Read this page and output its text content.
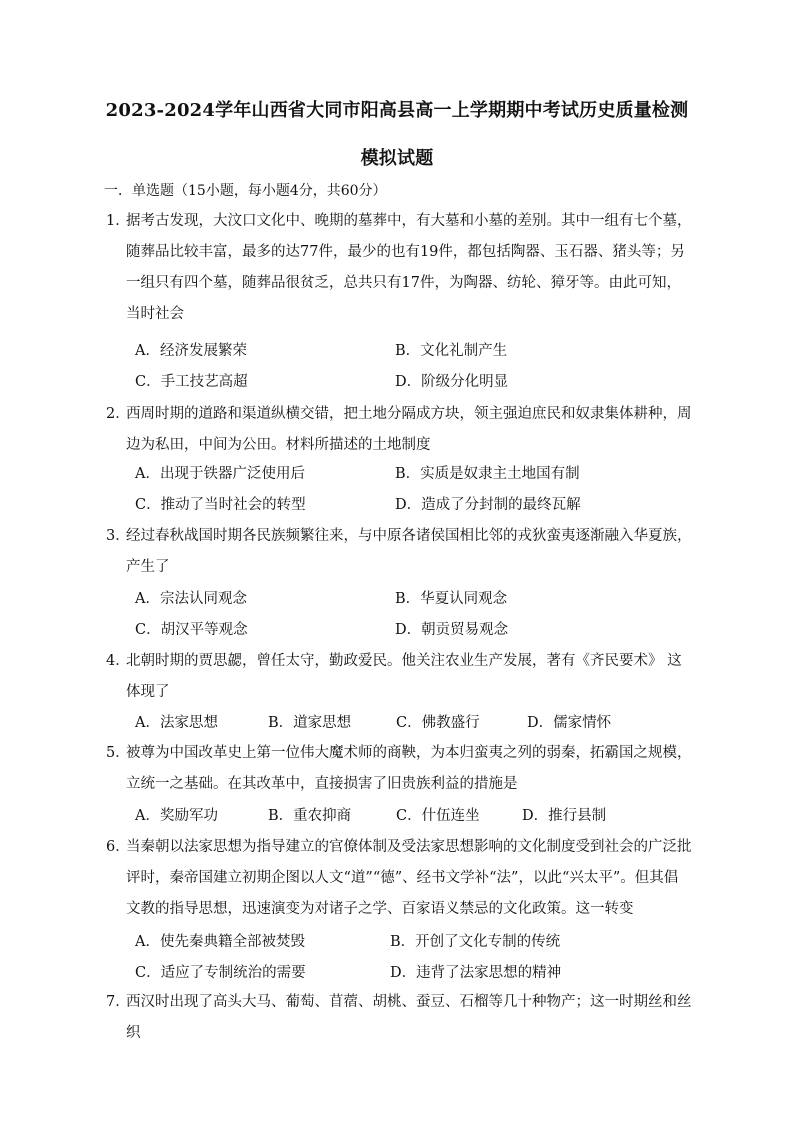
2023-2024学年山西省大同市阳高县高一上学期期中考试历史质量检测
模拟试题
一．单选题（15小题，每小题4分，共60分）
1．
据考古发现，大汶口文化中、晚期的墓葬中，有大墓和小墓的差别。其中一组有七个墓，随葬品比较丰富，最多的达77件，最少的也有19件，都包括陶器、玉石器、猪头等；另一组只有四个墓，随葬品很贫乏，总共只有17件，为陶器、纺轮、獐牙等。由此可知，当时社会
A．经济发展繁荣	B．文化礼制产生
C．手工技艺高超	D．阶级分化明显
2．
西周时期的道路和渠道纵横交错，把土地分隔成方块，领主强迫庶民和奴隶集体耕种，周边为私田，中间为公田。材料所描述的土地制度
A．出现于铁器广泛使用后	B．实质是奴隶主土地国有制
C．推动了当时社会的转型	D．造成了分封制的最终瓦解
3．
经过春秋战国时期各民族频繁往来，与中原各诸侯国相比邻的戎狄蛮夷逐渐融入华夏族，产生了
A．宗法认同观念	B．华夏认同观念
C．胡汉平等观念	D．朝贡贸易观念
4．
北朝时期的贾思勰，曾任太守，勤政爱民。他关注农业生产发展，著有《齐民要术》 这体现了
A．法家思想	B．道家思想	C．佛教盛行	D．儒家情怀
5．
被尊为中国改革史上第一位伟大魔术师的商鞅，为本归蛮夷之列的弱秦，拓霸国之规模，立统一之基础。在其改革中，直接损害了旧贵族利益的措施是
A．奖励军功	B．重农抑商	C．什伍连坐	D．推行县制
6．
当秦朝以法家思想为指导建立的官僚体制及受法家思想影响的文化制度受到社会的广泛批评时，秦帝国建立初期企图以人文“道”“德”、经书文学补“法”，以此“兴太平”。但其倡文教的指导思想，迅速演变为对诸子之学、百家语义禁忌的文化政策。这一转变
A．使先秦典籍全部被焚毁	B．开创了文化专制的传统
C．适应了专制统治的需要	D．违背了法家思想的精神
7．
西汉时出现了高头大马、葡萄、苜蓿、胡桃、蚕豆、石榴等几十种物产；这一时期丝和丝织
